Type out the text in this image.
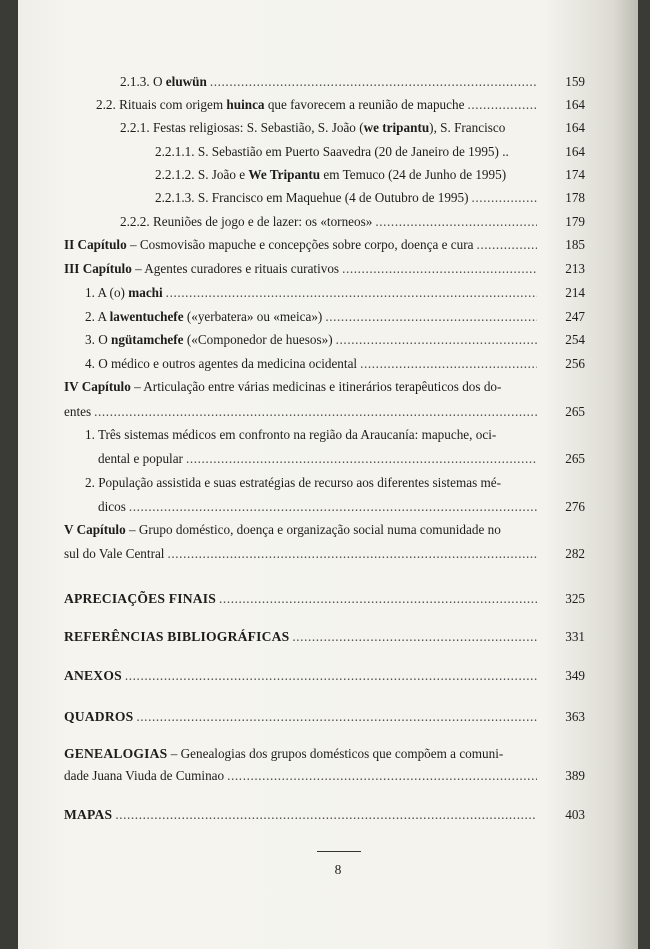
2.1.3. O eluwün .....	159
2.2. Rituais com origem huinca que favorecem a reunião de mapuche .....	164
2.2.1. Festas religiosas: S. Sebastião, S. João (we tripantu), S. Francisco	164
2.2.1.1. S. Sebastião em Puerto Saavedra (20 de Janeiro de 1995) ..	164
2.2.1.2. S. João e We Tripantu em Temuco (24 de Junho de 1995)	174
2.2.1.3. S. Francisco em Maquehue (4 de Outubro de 1995) .....	178
2.2.2. Reuniões de jogo e de lazer: os «torneos» .....	179
II Capítulo – Cosmovisão mapuche e concepções sobre corpo, doença e cura .....	185
III Capítulo – Agentes curadores e rituais curativos .....	213
1. A (o) machi .....	214
2. A lawentuchefe («yerbatera» ou «meica») .....	247
3. O ngütamchefe («Componedor de huesos») .....	254
4. O médico e outros agentes da medicina ocidental .....	256
IV Capítulo – Articulação entre várias medicinas e itinerários terapêuticos dos do-
entes .....	265
1. Três sistemas médicos em confronto na região da Araucanía: mapuche, oci-
dental e popular .....	265
2. População assistida e suas estratégias de recurso aos diferentes sistemas mé-
dicos .....	276
V Capítulo – Grupo doméstico, doença e organização social numa comunidade no
sul do Vale Central .....	282
APRECIAÇÕES FINAIS .....	325
REFERÊNCIAS BIBLIOGRÁFICAS .....	331
ANEXOS .....	349
QUADROS .....	363
GENEALOGIAS – Genealogias dos grupos domésticos que compõem a comuni-
dade Juana Viuda de Cuminao .....	389
MAPAS .....	403
8
